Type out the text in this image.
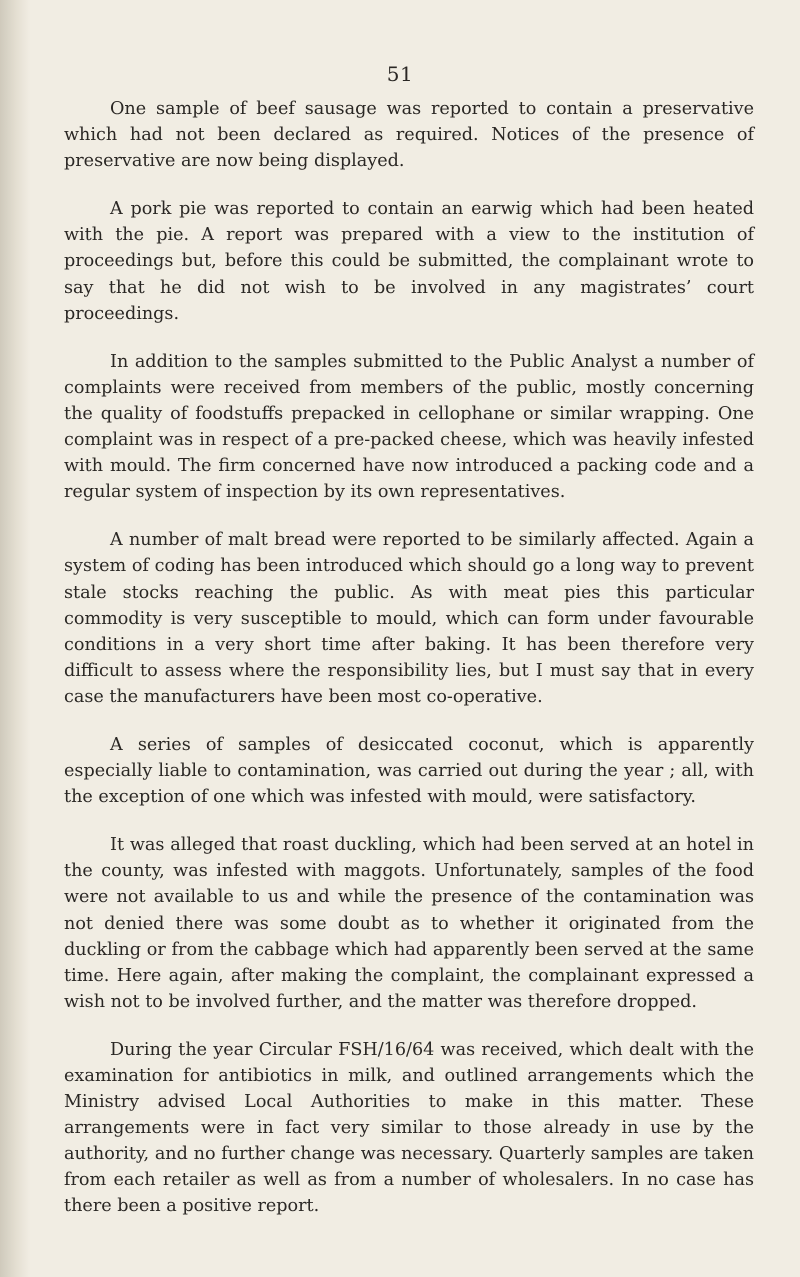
51

One sample of beef sausage was reported to contain a preservative which had not been declared as required. Notices of the presence of preservative are now being displayed.

A pork pie was reported to contain an earwig which had been heated with the pie. A report was prepared with a view to the institution of proceedings but, before this could be submitted, the complainant wrote to say that he did not wish to be involved in any magistrates’ court proceedings.

In addition to the samples submitted to the Public Analyst a number of complaints were received from members of the public, mostly concerning the quality of foodstuffs prepacked in cellophane or similar wrapping. One complaint was in respect of a pre-packed cheese, which was heavily infested with mould. The firm concerned have now introduced a packing code and a regular system of inspection by its own representatives.

A number of malt bread were reported to be similarly affected. Again a system of coding has been introduced which should go a long way to prevent stale stocks reaching the public. As with meat pies this particular commodity is very susceptible to mould, which can form under favourable conditions in a very short time after baking. It has been therefore very difficult to assess where the responsibility lies, but I must say that in every case the manufacturers have been most co-operative.

A series of samples of desiccated coconut, which is apparently especially liable to contamination, was carried out during the year ; all, with the exception of one which was infested with mould, were satisfactory.

It was alleged that roast duckling, which had been served at an hotel in the county, was infested with maggots. Unfortunately, samples of the food were not available to us and while the presence of the contamination was not denied there was some doubt as to whether it originated from the duckling or from the cabbage which had apparently been served at the same time. Here again, after making the complaint, the complainant expressed a wish not to be involved further, and the matter was therefore dropped.

During the year Circular FSH/16/64 was received, which dealt with the examination for antibiotics in milk, and outlined arrangements which the Ministry advised Local Authorities to make in this matter. These arrangements were in fact very similar to those already in use by the authority, and no further change was necessary. Quarterly samples are taken from each retailer as well as from a number of wholesalers. In no case has there been a positive report.
